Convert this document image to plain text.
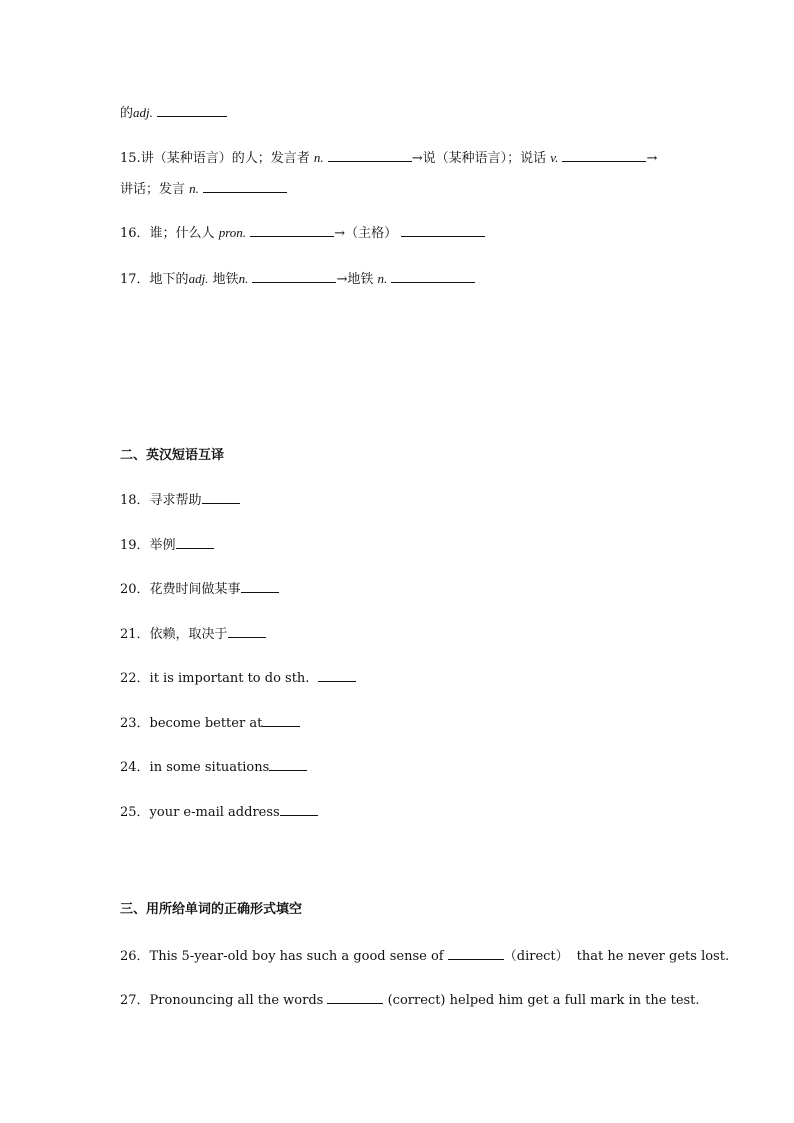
的adj.
15.讲（某种语言）的人；发言者 n.	→说（某种语言）；说话 v.	→
讲话；发言 n.
16．谁；什么人 pron.	→（主格）
17．地下的adj. 地铁n.	→地铁 n.
二、英汉短语互译
18．寻求帮助
19．举例
20．花费时间做某事
21．依赖，取决于
22．it is important to do sth.
23．become better at
24．in some situations
25．your e-mail address
三、用所给单词的正确形式填空
26．This 5-year-old boy has such a good sense of	（direct） that he never gets lost.
27．Pronouncing all the words	(correct) helped him get a full mark in the test.
